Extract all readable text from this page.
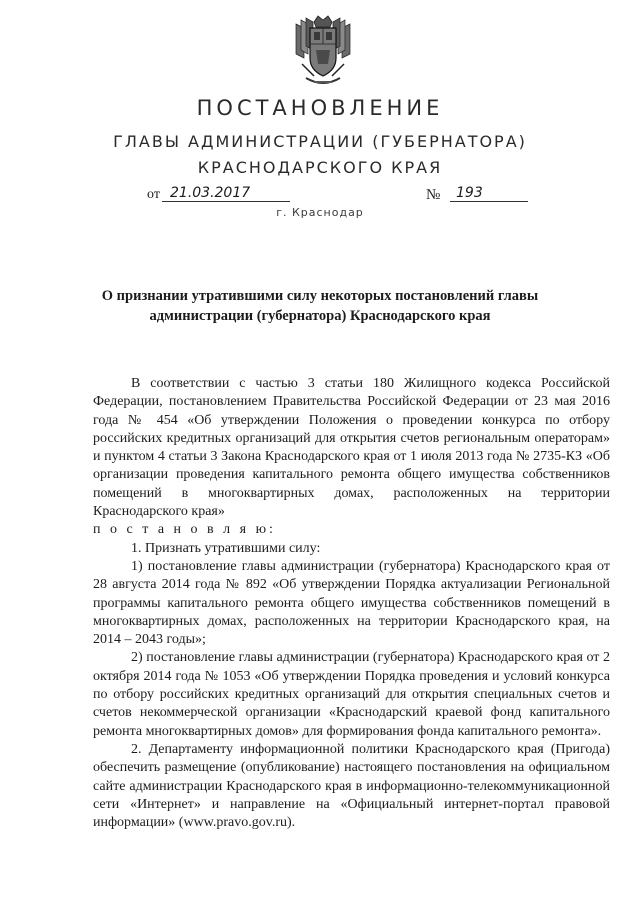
ПОСТАНОВЛЕНИЕ
ГЛАВЫ АДМИНИСТРАЦИИ (ГУБЕРНАТОРА)
КРАСНОДАРСКОГО КРАЯ
от 21.03.2017	№	193
г. Краснодар
О признании утратившими силу некоторых постановлений главы администрации (губернатора) Краснодарского края

В соответствии с частью 3 статьи 180 Жилищного кодекса Российской Федерации, постановлением Правительства Российской Федерации от 23 мая 2016 года № 454 «Об утверждении Положения о проведении конкурса по отбору российских кредитных организаций для открытия счетов региональным операторам» и пунктом 4 статьи 3 Закона Краснодарского края от 1 июля 2013 года № 2735-КЗ «Об организации проведения капитального ремонта общего имущества собственников помещений в многоквартирных домах, расположенных на территории Краснодарского края»

п о с т а н о в л я ю:

1. Признать утратившими силу:

1) постановление главы администрации (губернатора) Краснодарского края от 28 августа 2014 года № 892 «Об утверждении Порядка актуализации Региональной программы капитального ремонта общего имущества собственников помещений в многоквартирных домах, расположенных на территории Краснодарского края, на 2014 – 2043 годы»;

2) постановление главы администрации (губернатора) Краснодарского края от 2 октября 2014 года № 1053 «Об утверждении Порядка проведения и условий конкурса по отбору российских кредитных организаций для открытия специальных счетов и счетов некоммерческой организации «Краснодарский краевой фонд капитального ремонта многоквартирных домов» для формирования фонда капитального ремонта».

2. Департаменту информационной политики Краснодарского края (Пригода) обеспечить размещение (опубликование) настоящего постановления на официальном сайте администрации Краснодарского края в информационно-телекоммуникационной сети «Интернет» и направление на «Официальный интернет-портал правовой информации» (www.pravo.gov.ru).
